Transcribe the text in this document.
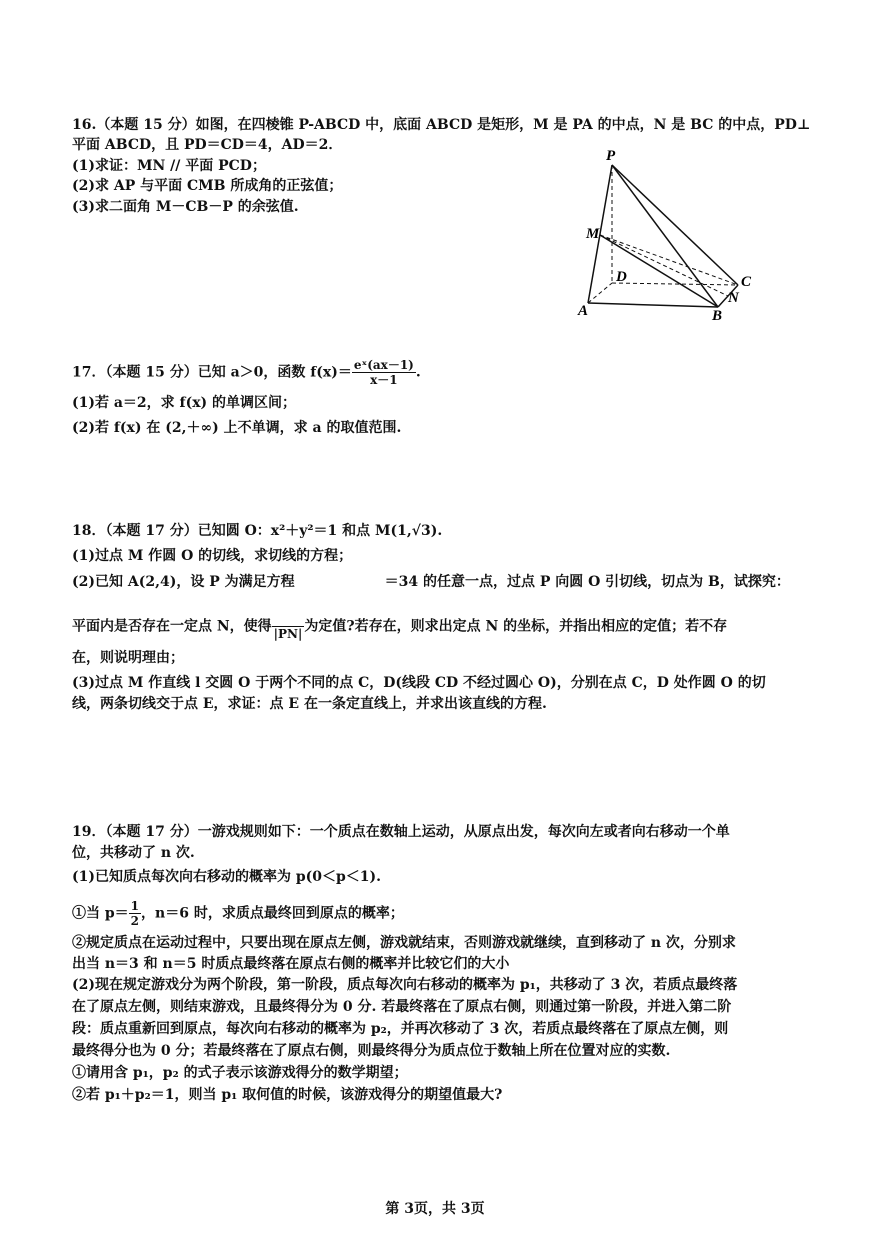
16.（本题 15 分）如图，在四棱锥 P-ABCD 中，底面 ABCD 是矩形，M 是 PA 的中点，N 是 BC 的中点，PD⊥
平面 ABCD，且 PD＝CD＝4，AD＝2．
(1)求证：MN // 平面 PCD；
(2)求 AP 与平面 CMB 所成角的正弦值；
(3)求二面角 M－CB－P 的余弦值.
P
M
D	C
N
A	B
17．（本题 15 分）已知 a＞0，函数 $f(x)= \frac{\text{eˣ(ax－1)}}{x-1}$ .
(1)若 a＝2，求 f(x) 的单调区间；
(2)若 f(x) 在 (2,＋∞) 上不单调，求 a 的取值范围.
18．（本题 17 分）已知圆 O：x²＋y²＝1 和点 M(1,√3).
(1)过点 M 作圆 O 的切线，求切线的方程；
(2)已知 A(2,4)，设 P 为满足方程	＝34 的任意一点，过点 P 向圆 O 引切线，切点为 B，试探究：
平面内是否存在一定点 N，使得
|PN| 为定值?若存在，则求出定点 N 的坐标，并指出相应的定值；若不存
在，则说明理由；
(3)过点 M 作直线 l 交圆 O 于两个不同的点 C，D(线段 CD 不经过圆心 O)，分别在点 C，D 处作圆 O 的切
线，两条切线交于点 E，求证：点 E 在一条定直线上，并求出该直线的方程.
19．（本题 17 分）一游戏规则如下：一个质点在数轴上运动，从原点出发，每次向左或者向右移动一个单
位，共移动了 n 次.
(1)已知质点每次向右移动的概率为 p(0＜p＜1).
①当 $p= \frac{1}{2}$ ，n＝6 时，求质点最终回到原点的概率；
②规定质点在运动过程中，只要出现在原点左侧，游戏就结束，否则游戏就继续，直到移动了 n 次，分别求
出当 n＝3 和 n＝5 时质点最终落在原点右侧的概率并比较它们的大小
(2)现在规定游戏分为两个阶段，第一阶段，质点每次向右移动的概率为 p₁，共移动了 3 次，若质点最终落
在了原点左侧，则结束游戏，且最终得分为 0 分. 若最终落在了原点右侧，则通过第一阶段，并进入第二阶
段：质点重新回到原点，每次向右移动的概率为 p₂，并再次移动了 3 次，若质点最终落在了原点左侧，则
最终得分也为 0 分；若最终落在了原点右侧，则最终得分为质点位于数轴上所在位置对应的实数.
①请用含 p₁，p₂ 的式子表示该游戏得分的数学期望；
②若 p₁＋p₂＝1，则当 p₁ 取何值的时候，该游戏得分的期望值最大?
第 3页，共 3页
